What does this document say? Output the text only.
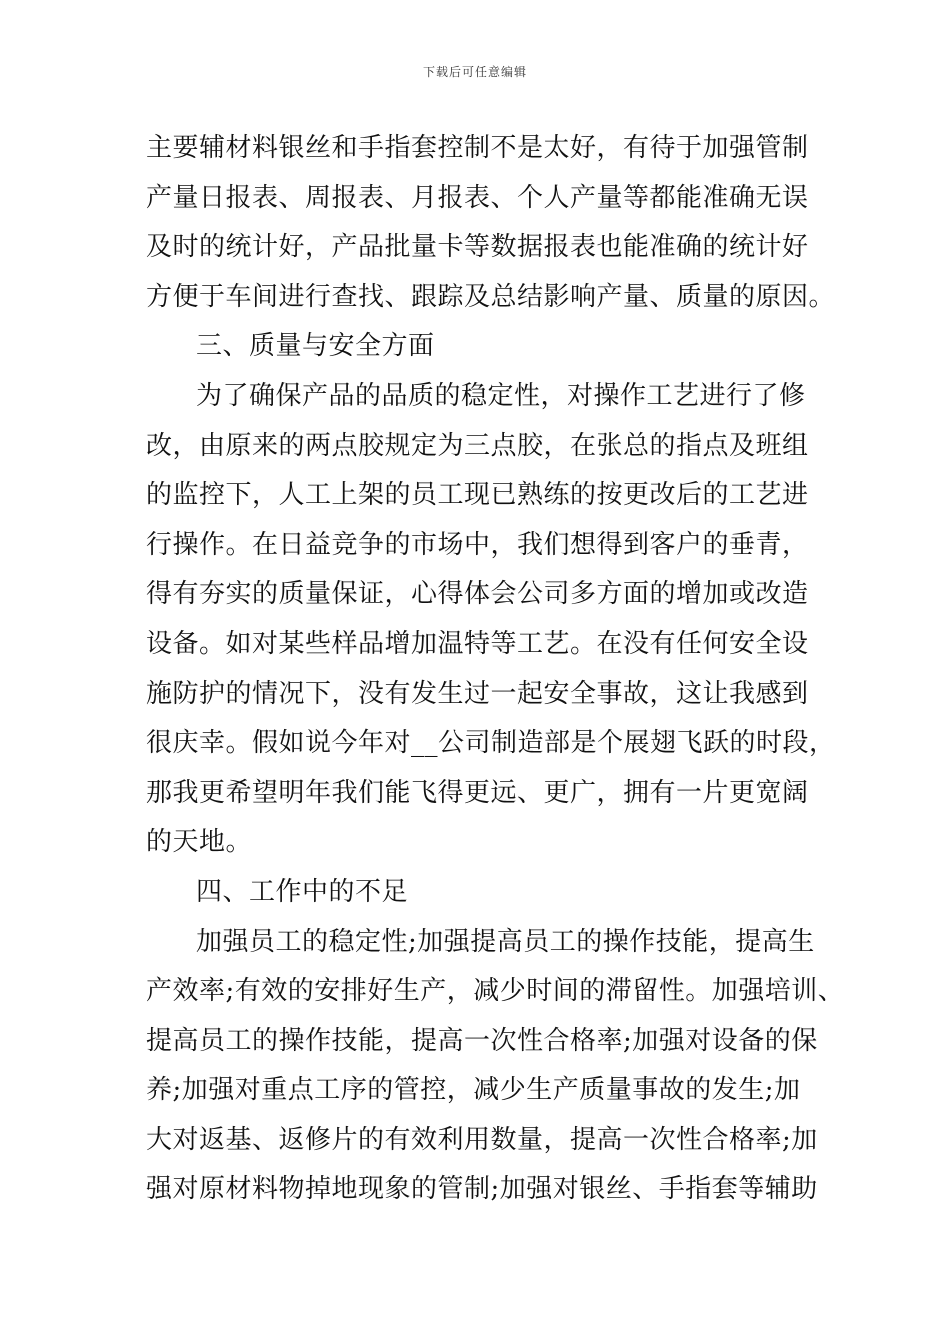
下载后可任意编辑
主要辅材料银丝和手指套控制不是太好，有待于加强管制
产量日报表、周报表、月报表、个人产量等都能准确无误
及时的统计好，产品批量卡等数据报表也能准确的统计好
方便于车间进行查找、跟踪及总结影响产量、质量的原因。
三、质量与安全方面
为了确保产品的品质的稳定性，对操作工艺进行了修
改，由原来的两点胶规定为三点胶，在张总的指点及班组
的监控下，人工上架的员工现已熟练的按更改后的工艺进
行操作。在日益竞争的市场中，我们想得到客户的垂青，
得有夯实的质量保证，心得体会公司多方面的增加或改造
设备。如对某些样品增加温特等工艺。在没有任何安全设
施防护的情况下，没有发生过一起安全事故，这让我感到
很庆幸。假如说今年对__公司制造部是个展翅飞跃的时段，
那我更希望明年我们能飞得更远、更广，拥有一片更宽阔
的天地。
四、工作中的不足
加强员工的稳定性;加强提高员工的操作技能，提高生
产效率;有效的安排好生产，减少时间的滞留性。加强培训、
提高员工的操作技能，提高一次性合格率;加强对设备的保
养;加强对重点工序的管控，减少生产质量事故的发生;加
大对返基、返修片的有效利用数量，提高一次性合格率;加
强对原材料物掉地现象的管制;加强对银丝、手指套等辅助
